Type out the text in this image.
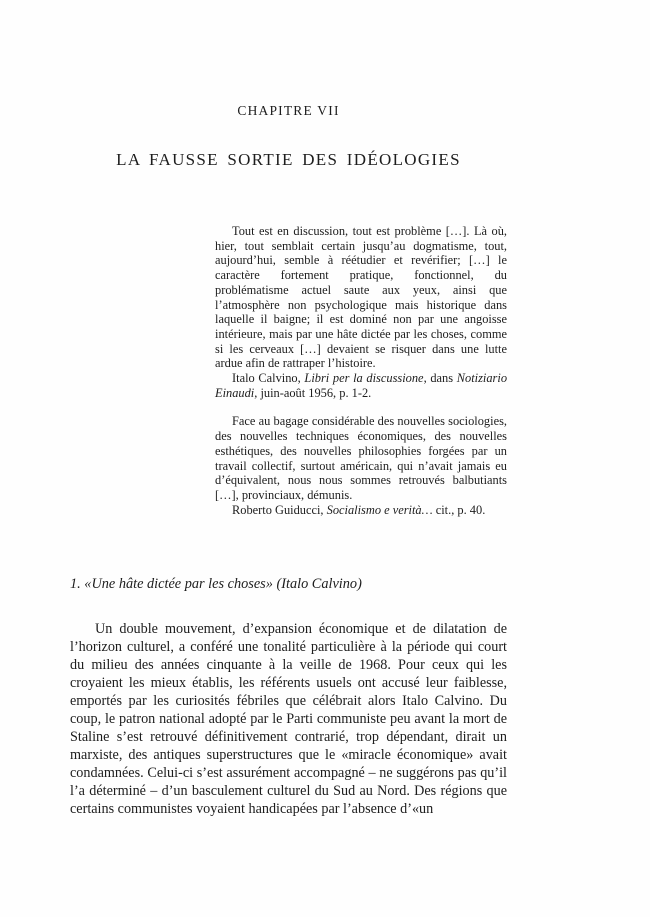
CHAPITRE VII
LA FAUSSE SORTIE DES IDÉOLOGIES

Tout est en discussion, tout est problème […]. Là où, hier, tout semblait certain jusqu’au dogmatisme, tout, aujourd’hui, semble à réétudier et revérifier; […] le caractère fortement pratique, fonctionnel, du problématisme actuel saute aux yeux, ainsi que l’atmosphère non psychologique mais historique dans laquelle il baigne; il est dominé non par une angoisse intérieure, mais par une hâte dictée par les choses, comme si les cerveaux […] devaient se risquer dans une lutte ardue afin de rattraper l’histoire.

Italo Calvino, Libri per la discussione, dans Notiziario Einaudi, juin-août 1956, p. 1-2.

Face au bagage considérable des nouvelles sociologies, des nouvelles techniques économiques, des nouvelles esthétiques, des nouvelles philosophies forgées par un travail collectif, surtout américain, qui n’avait jamais eu d’équivalent, nous nous sommes retrouvés balbutiants […], provinciaux, démunis.

Roberto Guiducci, Socialismo e verità… cit., p. 40.

1. «Une hâte dictée par les choses» (Italo Calvino)

Un double mouvement, d’expansion économique et de dilatation de l’horizon culturel, a conféré une tonalité particulière à la période qui court du milieu des années cinquante à la veille de 1968. Pour ceux qui les croyaient les mieux établis, les référents usuels ont accusé leur faiblesse, emportés par les curiosités fébriles que célébrait alors Italo Calvino. Du coup, le patron national adopté par le Parti communiste peu avant la mort de Staline s’est retrouvé définitivement contrarié, trop dépendant, dirait un marxiste, des antiques superstructures que le «miracle économique» avait condamnées. Celui-ci s’est assurément accompagné – ne suggérons pas qu’il l’a déterminé – d’un basculement culturel du Sud au Nord. Des régions que certains communistes voyaient handicapées par l’absence d’«un
